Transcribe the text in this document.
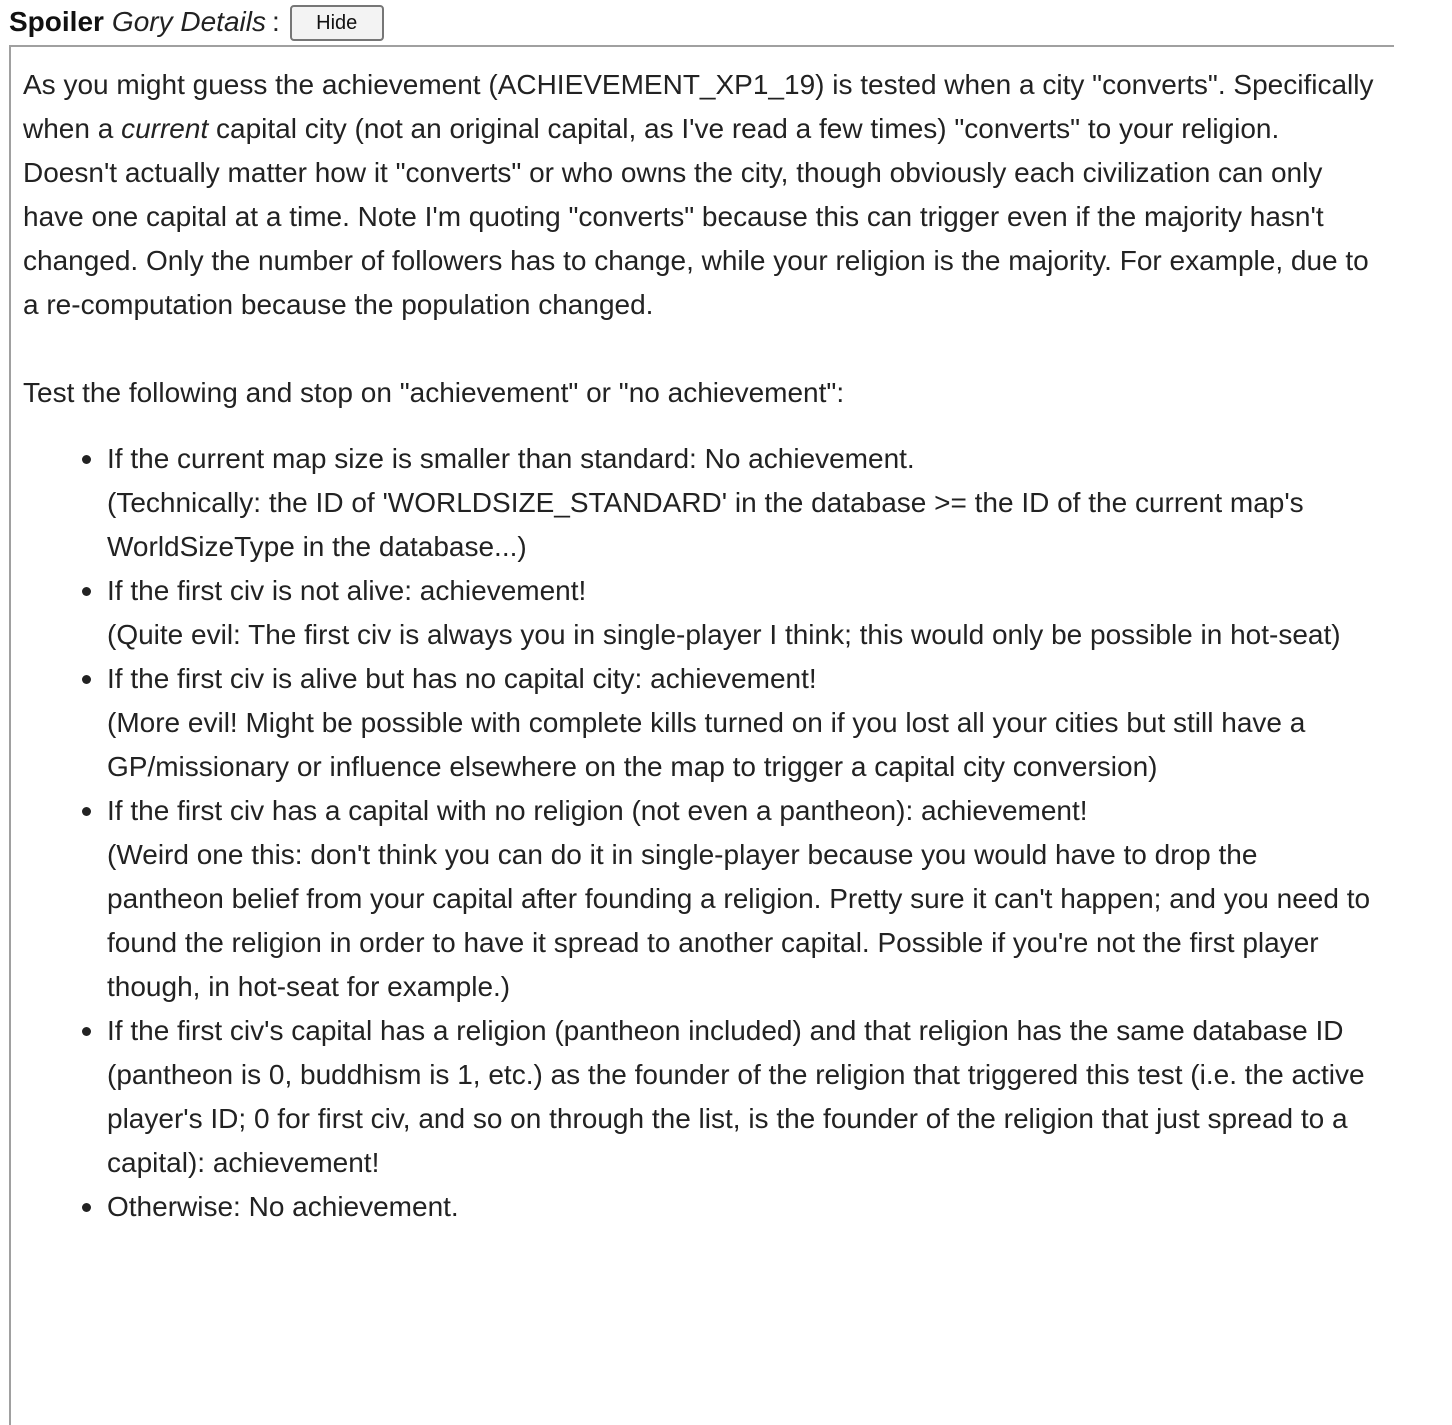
Spoiler Gory Details :	Hide

As you might guess the achievement (ACHIEVEMENT_XP1_19) is tested when a city "converts". Specifically when a current capital city (not an original capital, as I've read a few times) "converts" to your religion. Doesn't actually matter how it "converts" or who owns the city, though obviously each civilization can only have one capital at a time. Note I'm quoting "converts" because this can trigger even if the majority hasn't changed. Only the number of followers has to change, while your religion is the majority. For example, due to a re-computation because the population changed.

Test the following and stop on "achievement" or "no achievement":

If the current map size is smaller than standard: No achievement.
(Technically: the ID of 'WORLDSIZE_STANDARD' in the database >= the ID of the current map's WorldSizeType in the database...)
If the first civ is not alive: achievement!
(Quite evil: The first civ is always you in single-player I think; this would only be possible in hot-seat)
If the first civ is alive but has no capital city: achievement!
(More evil! Might be possible with complete kills turned on if you lost all your cities but still have a GP/missionary or influence elsewhere on the map to trigger a capital city conversion)
If the first civ has a capital with no religion (not even a pantheon): achievement!
(Weird one this: don't think you can do it in single-player because you would have to drop the pantheon belief from your capital after founding a religion. Pretty sure it can't happen; and you need to found the religion in order to have it spread to another capital. Possible if you're not the first player though, in hot-seat for example.)
If the first civ's capital has a religion (pantheon included) and that religion has the same database ID (pantheon is 0, buddhism is 1, etc.) as the founder of the religion that triggered this test (i.e. the active player's ID; 0 for first civ, and so on through the list, is the founder of the religion that just spread to a capital): achievement!
Otherwise: No achievement.
